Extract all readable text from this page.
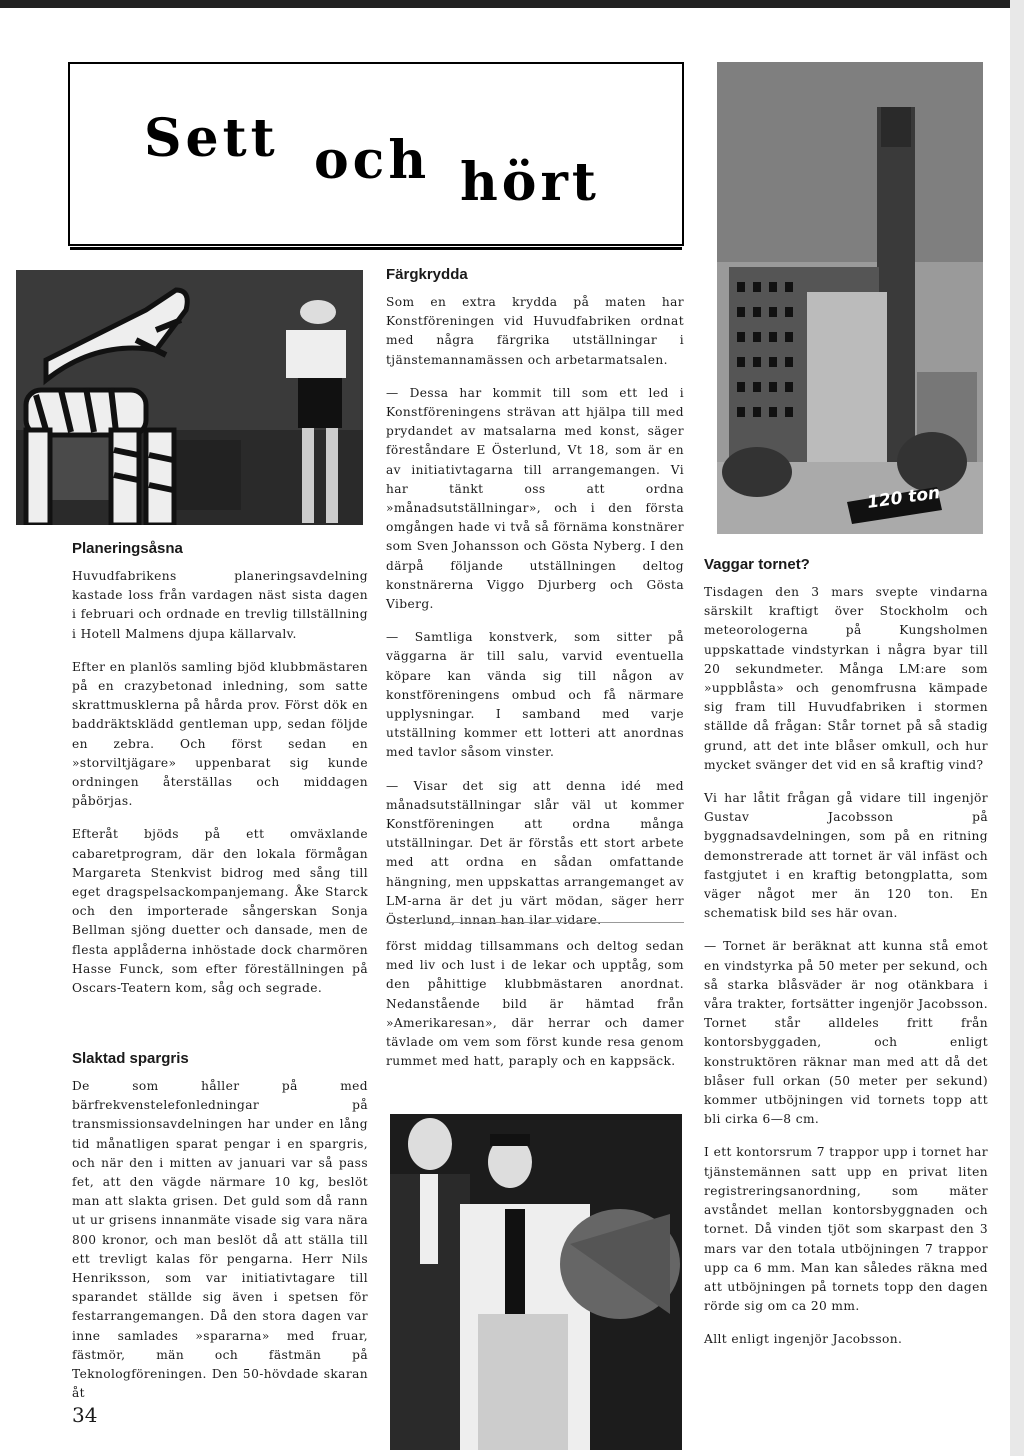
Sett och hört
120 ton
Planeringsåsna

Huvudfabrikens planeringsavdelning kastade loss från vardagen näst sista dagen i februari och ordnade en trevlig tillställning i Hotell Malmens djupa källarvalv.

Efter en planlös samling bjöd klubbmästaren på en crazybetonad inledning, som satte skrattmusklerna på hårda prov. Först dök en baddräktsklädd gentleman upp, sedan följde en zebra. Och först sedan en »storviltjägare» uppenbarat sig kunde ordningen återställas och middagen påbörjas.

Efteråt bjöds på ett omväxlande cabaretprogram, där den lokala förmågan Margareta Stenkvist bidrog med sång till eget dragspelsackompanjemang. Åke Starck och den importerade sångerskan Sonja Bellman sjöng duetter och dansade, men de flesta applåderna inhöstade dock charmören Hasse Funck, som efter föreställningen på Oscars-Teatern kom, såg och segrade.

Slaktad spargris

De som håller på med bärfrekvenstelefonledningar på transmissionsavdelningen har under en lång tid månatligen sparat pengar i en spargris, och när den i mitten av januari var så pass fet, att den vägde närmare 10 kg, beslöt man att slakta grisen. Det guld som då rann ut ur grisens innanmäte visade sig vara nära 800 kronor, och man beslöt då att ställa till ett trevligt kalas för pengarna. Herr Nils Henriksson, som var initiativtagare till sparandet ställde sig även i spetsen för festarrangemangen. Då den stora dagen var inne samlades »spararna» med fruar, fästmör, män och fästmän på Teknologföreningen. Den 50-hövdade skaran åt

Färgkrydda

Som en extra krydda på maten har Konstföreningen vid Huvudfabriken ordnat med några färgrika utställningar i tjänstemannamässen och arbetarmatsalen.

— Dessa har kommit till som ett led i Konstföreningens strävan att hjälpa till med prydandet av matsalarna med konst, säger föreståndare E Österlund, Vt 18, som är en av initiativtagarna till arrangemangen. Vi har tänkt oss att ordna »månadsutställningar», och i den första omgången hade vi två så förnäma konstnärer som Sven Johansson och Gösta Nyberg. I den därpå följande utställningen deltog konstnärerna Viggo Djurberg och Gösta Viberg.

— Samtliga konstverk, som sitter på väggarna är till salu, varvid eventuella köpare kan vända sig till någon av konstföreningens ombud och få närmare upplysningar. I samband med varje utställning kommer ett lotteri att anordnas med tavlor såsom vinster.

— Visar det sig att denna idé med månadsutställningar slår väl ut kommer Konstföreningen att ordna många utställningar. Det är förstås ett stort arbete med att ordna en sådan omfattande hängning, men uppskattas arrangemanget av LM-arna är det ju värt mödan, säger herr Österlund, innan han ilar vidare.

först middag tillsammans och deltog sedan med liv och lust i de lekar och upptåg, som den påhittige klubbmästaren anordnat. Nedanstående bild är hämtad från »Amerikaresan», där herrar och damer tävlade om vem som först kunde resa genom rummet med hatt, paraply och en kappsäck.

Vaggar tornet?

Tisdagen den 3 mars svepte vindarna särskilt kraftigt över Stockholm och meteorologerna på Kungsholmen uppskattade vindstyrkan i några byar till 20 sekundmeter. Många LM:are som »uppblåsta» och genomfrusna kämpade sig fram till Huvudfabriken i stormen ställde då frågan: Står tornet på så stadig grund, att det inte blåser omkull, och hur mycket svänger det vid en så kraftig vind?

Vi har låtit frågan gå vidare till ingenjör Gustav Jacobsson på byggnadsavdelningen, som på en ritning demonstrerade att tornet är väl infäst och fastgjutet i en kraftig betongplatta, som väger något mer än 120 ton. En schematisk bild ses här ovan.

— Tornet är beräknat att kunna stå emot en vindstyrka på 50 meter per sekund, och så starka blåsväder är nog otänkbara i våra trakter, fortsätter ingenjör Jacobsson. Tornet står alldeles fritt från kontorsbyggaden, och enligt konstruktören räknar man med att då det blåser full orkan (50 meter per sekund) kommer utböjningen vid tornets topp att bli cirka 6—8 cm.

I ett kontorsrum 7 trappor upp i tornet har tjänstemännen satt upp en privat liten registreringsanordning, som mäter avståndet mellan kontorsbyggnaden och tornet. Då vinden tjöt som skarpast den 3 mars var den totala utböjningen 7 trappor upp ca 6 mm. Man kan således räkna med att utböjningen på tornets topp den dagen rörde sig om ca 20 mm.

Allt enligt ingenjör Jacobsson.

34
